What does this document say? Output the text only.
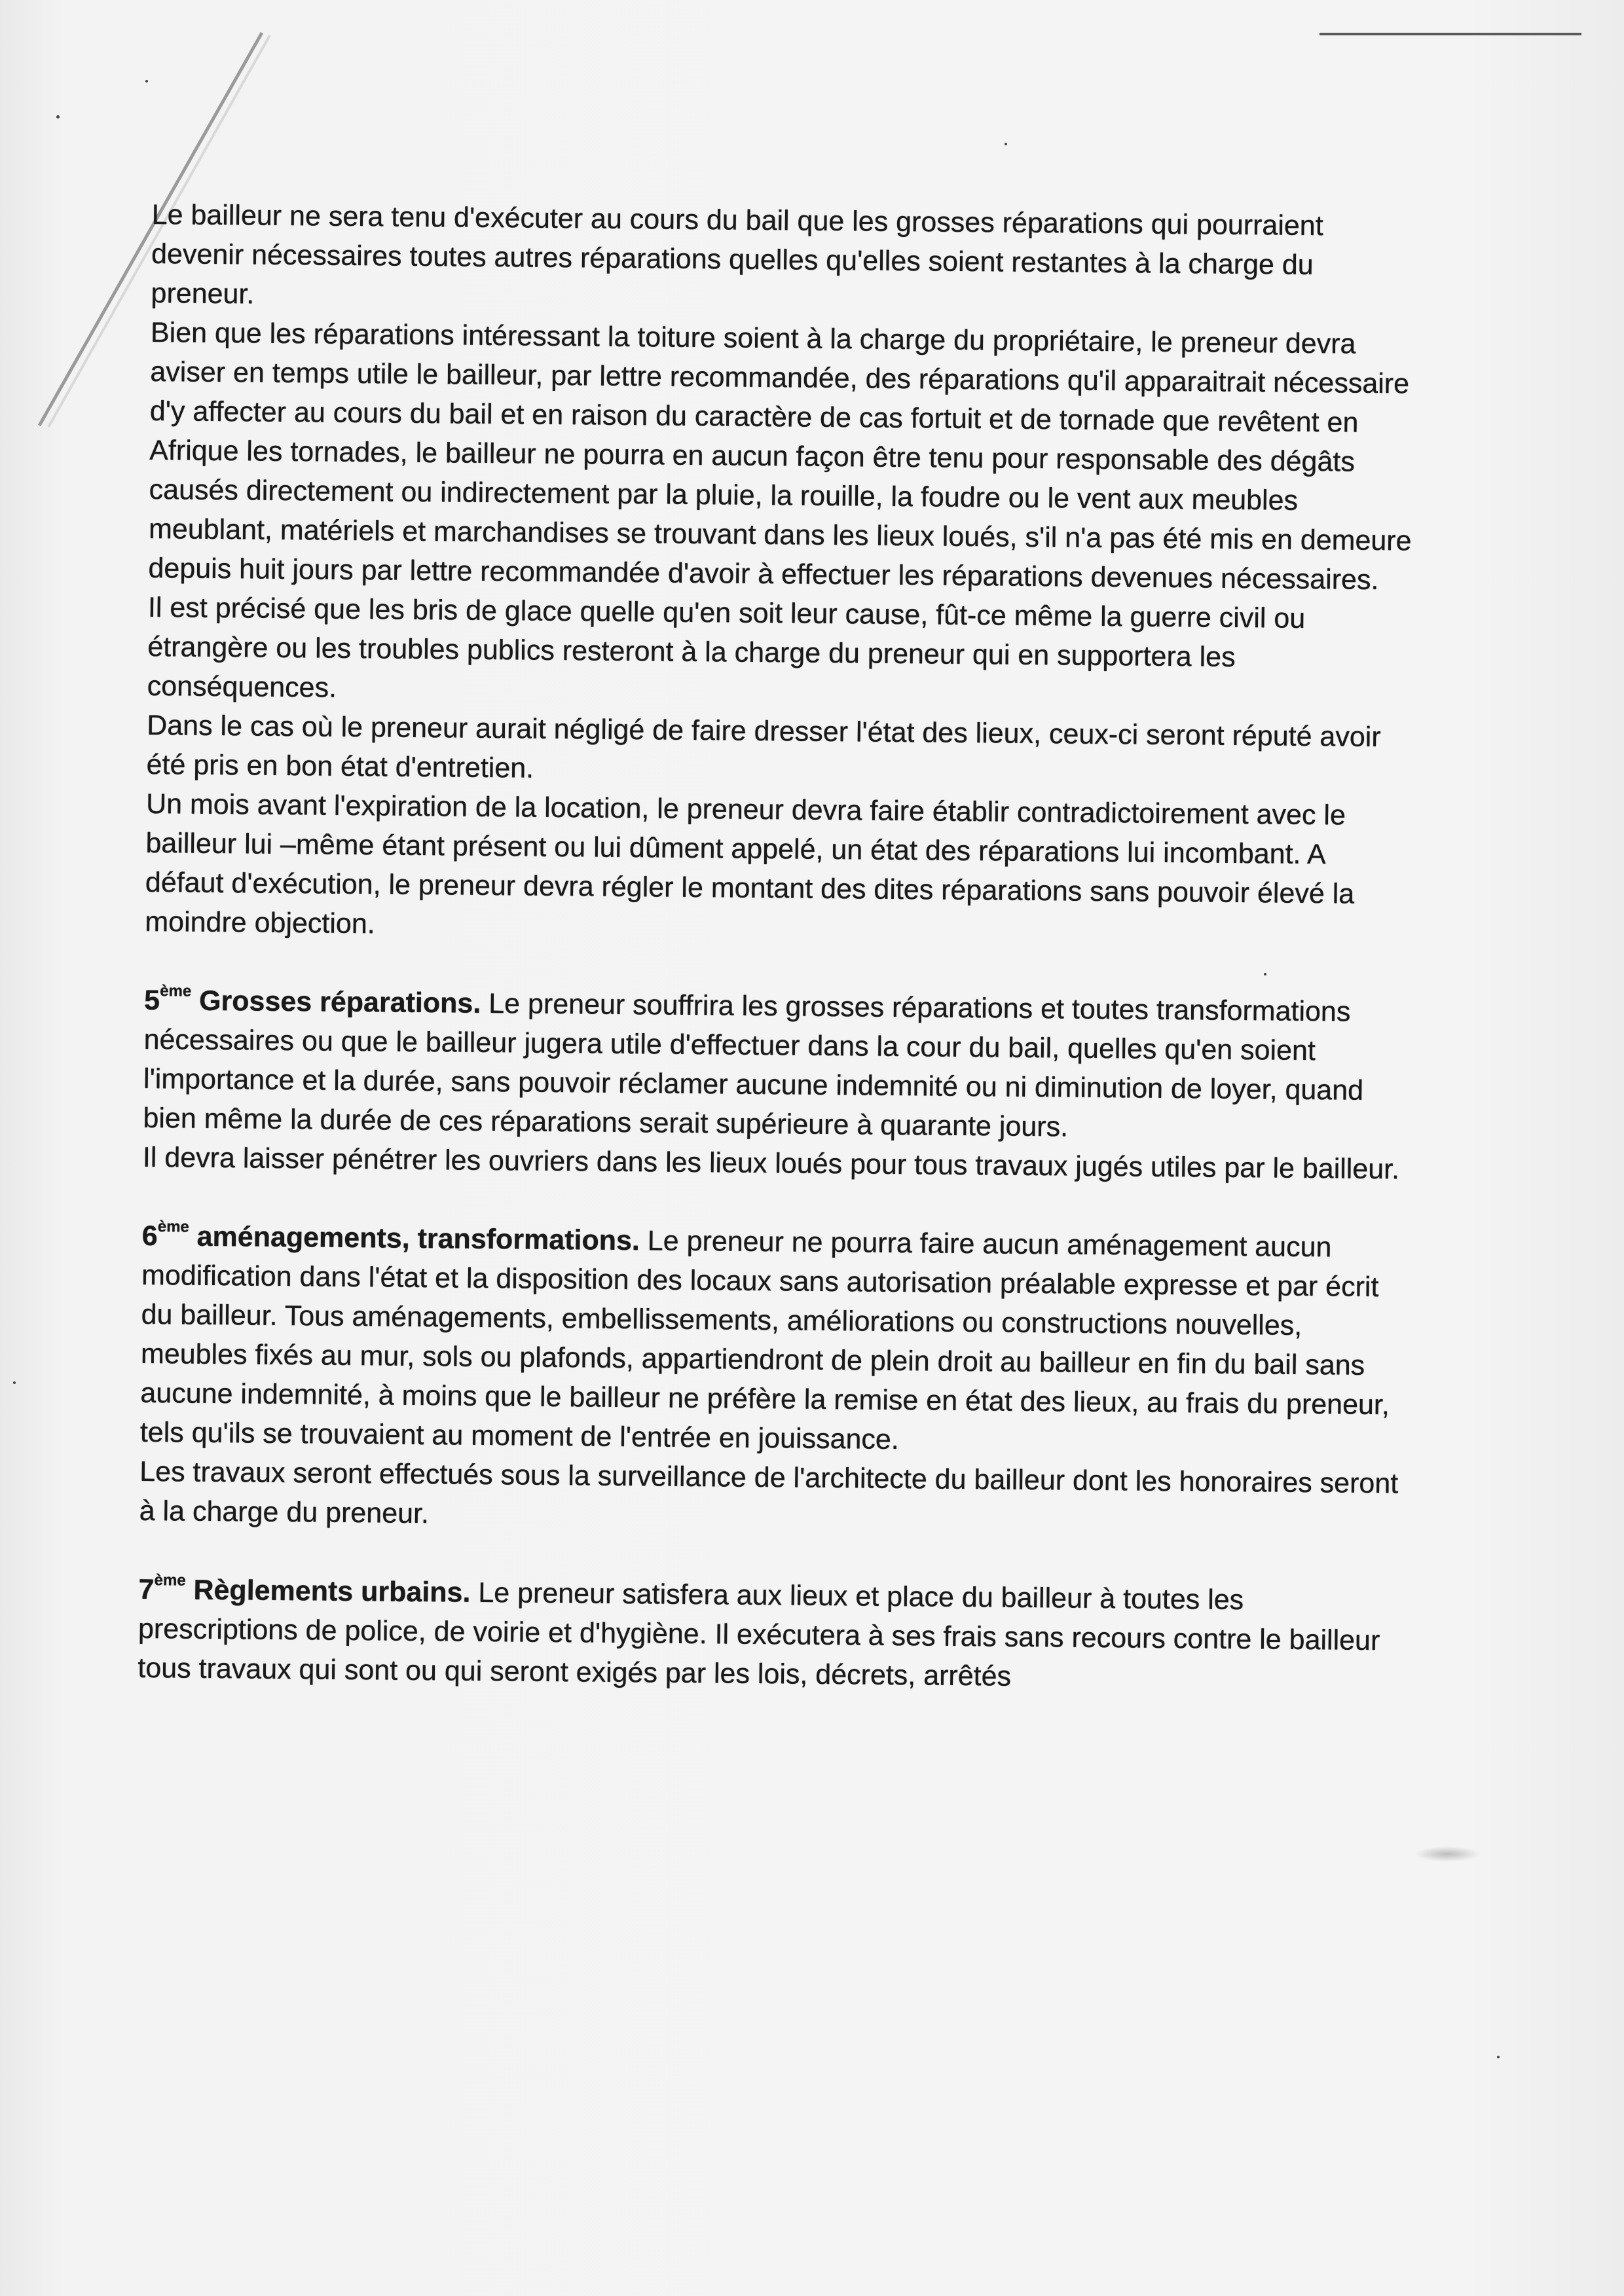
Le bailleur ne sera tenu d'exécuter au cours du bail que les grosses réparations qui pourraient devenir nécessaires toutes autres réparations quelles qu'elles soient restantes à la charge du preneur.

Bien que les réparations intéressant la toiture soient à la charge du propriétaire, le preneur devra aviser en temps utile le bailleur, par lettre recommandée, des réparations qu'il apparaitrait nécessaire d'y affecter au cours du bail et en raison du caractère de cas fortuit et de tornade que revêtent en Afrique les tornades, le bailleur ne pourra en aucun façon être tenu pour responsable des dégâts causés directement ou indirectement par la pluie, la rouille, la foudre ou le vent aux meubles meublant, matériels et marchandises se trouvant dans les lieux loués, s'il n'a pas été mis en demeure depuis huit jours par lettre recommandée d'avoir à effectuer les réparations devenues nécessaires.

Il est précisé que les bris de glace quelle qu'en soit leur cause, fût-ce même la guerre civil ou étrangère ou les troubles publics resteront à la charge du preneur qui en supportera les conséquences.

Dans le cas où le preneur aurait négligé de faire dresser l'état des lieux, ceux-ci seront réputé avoir été pris en bon état d'entretien.

Un mois avant l'expiration de la location, le preneur devra faire établir contradictoirement avec le bailleur lui –même étant présent ou lui dûment appelé, un état des réparations lui incombant. A défaut d'exécution, le preneur devra régler le montant des dites réparations sans pouvoir élevé la moindre objection.

5ème Grosses réparations. Le preneur souffrira les grosses réparations et toutes transformations nécessaires ou que le bailleur jugera utile d'effectuer dans la cour du bail, quelles qu'en soient l'importance et la durée, sans pouvoir réclamer aucune indemnité ou ni diminution de loyer, quand bien même la durée de ces réparations serait supérieure à quarante jours.

Il devra laisser pénétrer les ouvriers dans les lieux loués pour tous travaux jugés utiles par le bailleur.

6ème aménagements, transformations. Le preneur ne pourra faire aucun aménagement aucun modification dans l'état et la disposition des locaux sans autorisation préalable expresse et par écrit du bailleur. Tous aménagements, embellissements, améliorations ou constructions nouvelles, meubles fixés au mur, sols ou plafonds, appartiendront de plein droit au bailleur en fin du bail sans aucune indemnité, à moins que le bailleur ne préfère la remise en état des lieux, au frais du preneur, tels qu'ils se trouvaient au moment de l'entrée en jouissance.

Les travaux seront effectués sous la surveillance de l'architecte du bailleur dont les honoraires seront à la charge du preneur.

7ème Règlements urbains. Le preneur satisfera aux lieux et place du bailleur à toutes les prescriptions de police, de voirie et d'hygiène. Il exécutera à ses frais sans recours contre le bailleur tous travaux qui sont ou qui seront exigés par les lois, décrets, arrêtés
